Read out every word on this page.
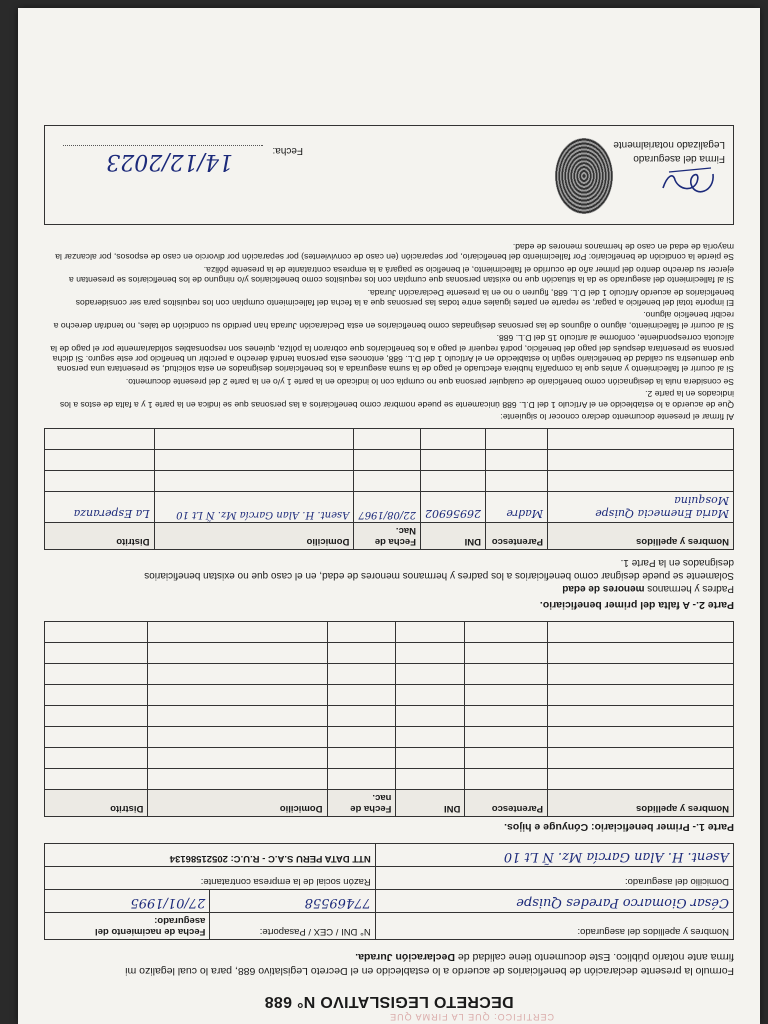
CERTIFICO: QUE LA FIRMA QUE
DECRETO LEGISLATIVO N° 688
Formulo la presente declaración de beneficiarios de acuerdo a lo establecido en el Decreto Legislativo 688, para lo cual legalizo mi
firma ante notario público. Este documento tiene calidad de Declaración Jurada.
Nombres y apellidos del asegurado:	N° DNI / CEX / Pasaporte:	Fecha de nacimiento del asegurado:
César Giomarco Paredes Quispe	77469558	27/01/1995
Domicilio del asegurado:	Razón social de la empresa contratante:	
Asent. H. Alan García Mz. Ñ Lt 10	NTT DATA PERU S.A.C - R.U.C: 20521586134	
Parte 1.- Primer beneficiario: Cónyuge e hijos.
Nombres y apellidos	Parentesco	DNI	Fecha de nac.	Domicilio	Distrito

Parte 2.- A falta del primer beneficiario.
Padres y hermanos menores de edad
Solamente se puede designar como beneficiarios a los padres y hermanos menores de edad, en el caso que no existan beneficiarios
designados en la Parte 1.
Nombres y apellidos	Parentesco	DNI	Fecha de Nac.	Domicilio	Distrito
Maria Enemecia Quispe Mosquina	Madre	26956902	22/08/1967	Asent. H. Alan García Mz. Ñ Lt 10	La Esperanza

Al firmar el presente documento declaro conocer lo siguiente:

Que de acuerdo a lo establecido en el Artículo 1 del D.L. 688 únicamente se puede nombrar como beneficiarios a las personas que se indica en la parte 1 y a falta de estos a los indicados en la parte 2.

Se considera nula la designación como beneficiario de cualquier persona que no cumpla con lo indicado en la parte 1 y/o en la parte 2 del presente documento.

Si al ocurrir el fallecimiento y antes que la compañía hubiera efectuado el pago de la suma asegurada a los beneficiarios designados en esta solicitud, se presentara una persona que demuestra su calidad de beneficiario según lo establecido en el Artículo 1 del D.L. 688, entonces esta persona tendrá derecho a percibir un beneficio por este seguro. Si dicha persona se presentara después del pago del beneficio, podrá requerir el pago a los beneficiarios que cobraron la póliza, quienes son responsables solidariamente por el pago de la alícuota correspondiente, conforme al artículo 15 del D.L. 688.

Si al ocurrir el fallecimiento, alguno o algunos de las personas designadas como beneficiarios en esta Declaración Jurada han perdido su condición de tales, no tendrán derecho a recibir beneficio alguno.

El importe total del beneficio a pagar, se reparte en partes iguales entre todas las personas que a la fecha del fallecimiento cumplan con los requisitos para ser considerados beneficiarios de acuerdo Artículo 1 del D.L. 688, figuren o no en la presente Declaración Jurada.

Si al fallecimiento del asegurado se da la situación que no existan personas que cumplan con los requisitos como beneficiarios y/o ninguno de los beneficiarios se presentan a ejercer su derecho dentro del primer año de ocurrido el fallecimiento, el beneficio se pagará a la empresa contratante de la presente póliza.

Se pierde la condición de beneficiario: Por fallecimiento del beneficiario, por separación (en caso de convivientes) por separación por divorcio en caso de esposos, por alcanzar la mayoría de edad en caso de hermanos menores de edad.

Firma del asegurado
Legalizado notarialmente
Fecha:
14/12/2023
